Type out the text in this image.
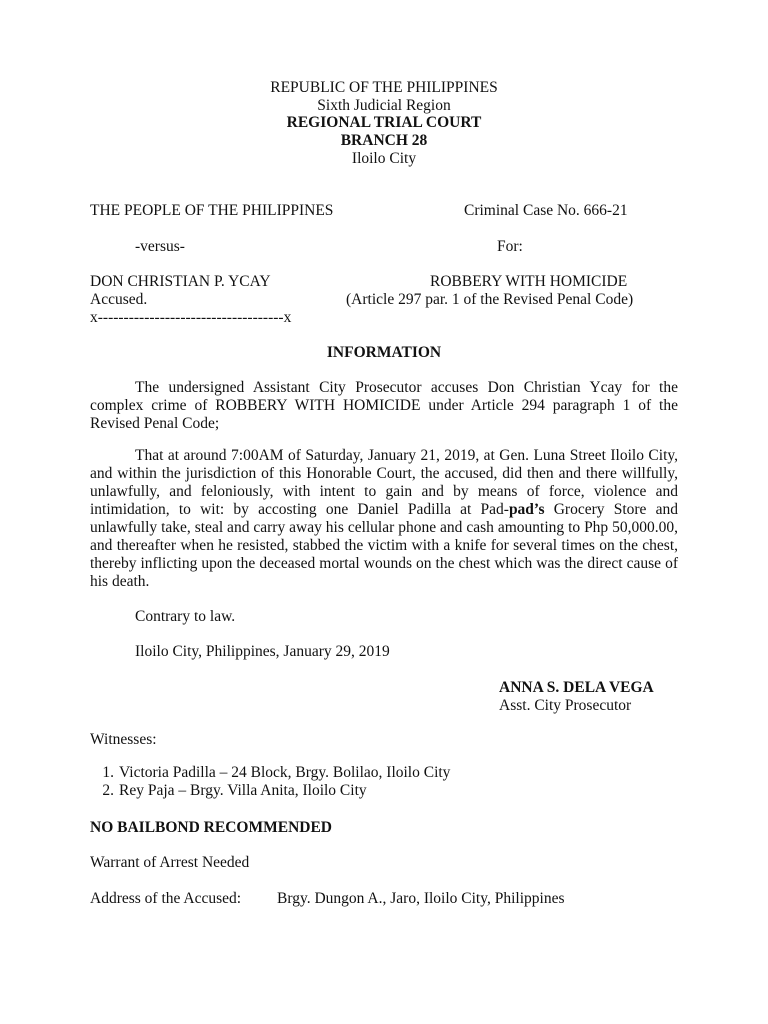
REPUBLIC OF THE PHILIPPINES
Sixth Judicial Region
REGIONAL TRIAL COURT
BRANCH 28
Iloilo City
THE PEOPLE OF THE PHILIPPINES	Criminal Case No. 666-21
-versus-	For:
DON CHRISTIAN P. YCAY	ROBBERY WITH HOMICIDE
Accused.	(Article 297 par. 1 of the Revised Penal Code)
x------------------------------------x
INFORMATION
The undersigned Assistant City Prosecutor accuses Don Christian Ycay for the complex crime of ROBBERY WITH HOMICIDE under Article 294 paragraph 1 of the Revised Penal Code;
That at around 7:00AM of Saturday, January 21, 2019, at Gen. Luna Street Iloilo City, and within the jurisdiction of this Honorable Court, the accused, did then and there willfully, unlawfully, and feloniously, with intent to gain and by means of force, violence and intimidation, to wit: by accosting one Daniel Padilla at Pad-pad’s Grocery Store and unlawfully take, steal and carry away his cellular phone and cash amounting to Php 50,000.00, and thereafter when he resisted, stabbed the victim with a knife for several times on the chest, thereby inflicting upon the deceased mortal wounds on the chest which was the direct cause of his death.
Contrary to law.
Iloilo City, Philippines, January 29, 2019
ANNA S. DELA VEGA
Asst. City Prosecutor
Witnesses:
1. Victoria Padilla – 24 Block, Brgy. Bolilao, Iloilo City
2. Rey Paja – Brgy. Villa Anita, Iloilo City
NO BAILBOND RECOMMENDED
Warrant of Arrest Needed
Address of the Accused: Brgy. Dungon A., Jaro, Iloilo City, Philippines
